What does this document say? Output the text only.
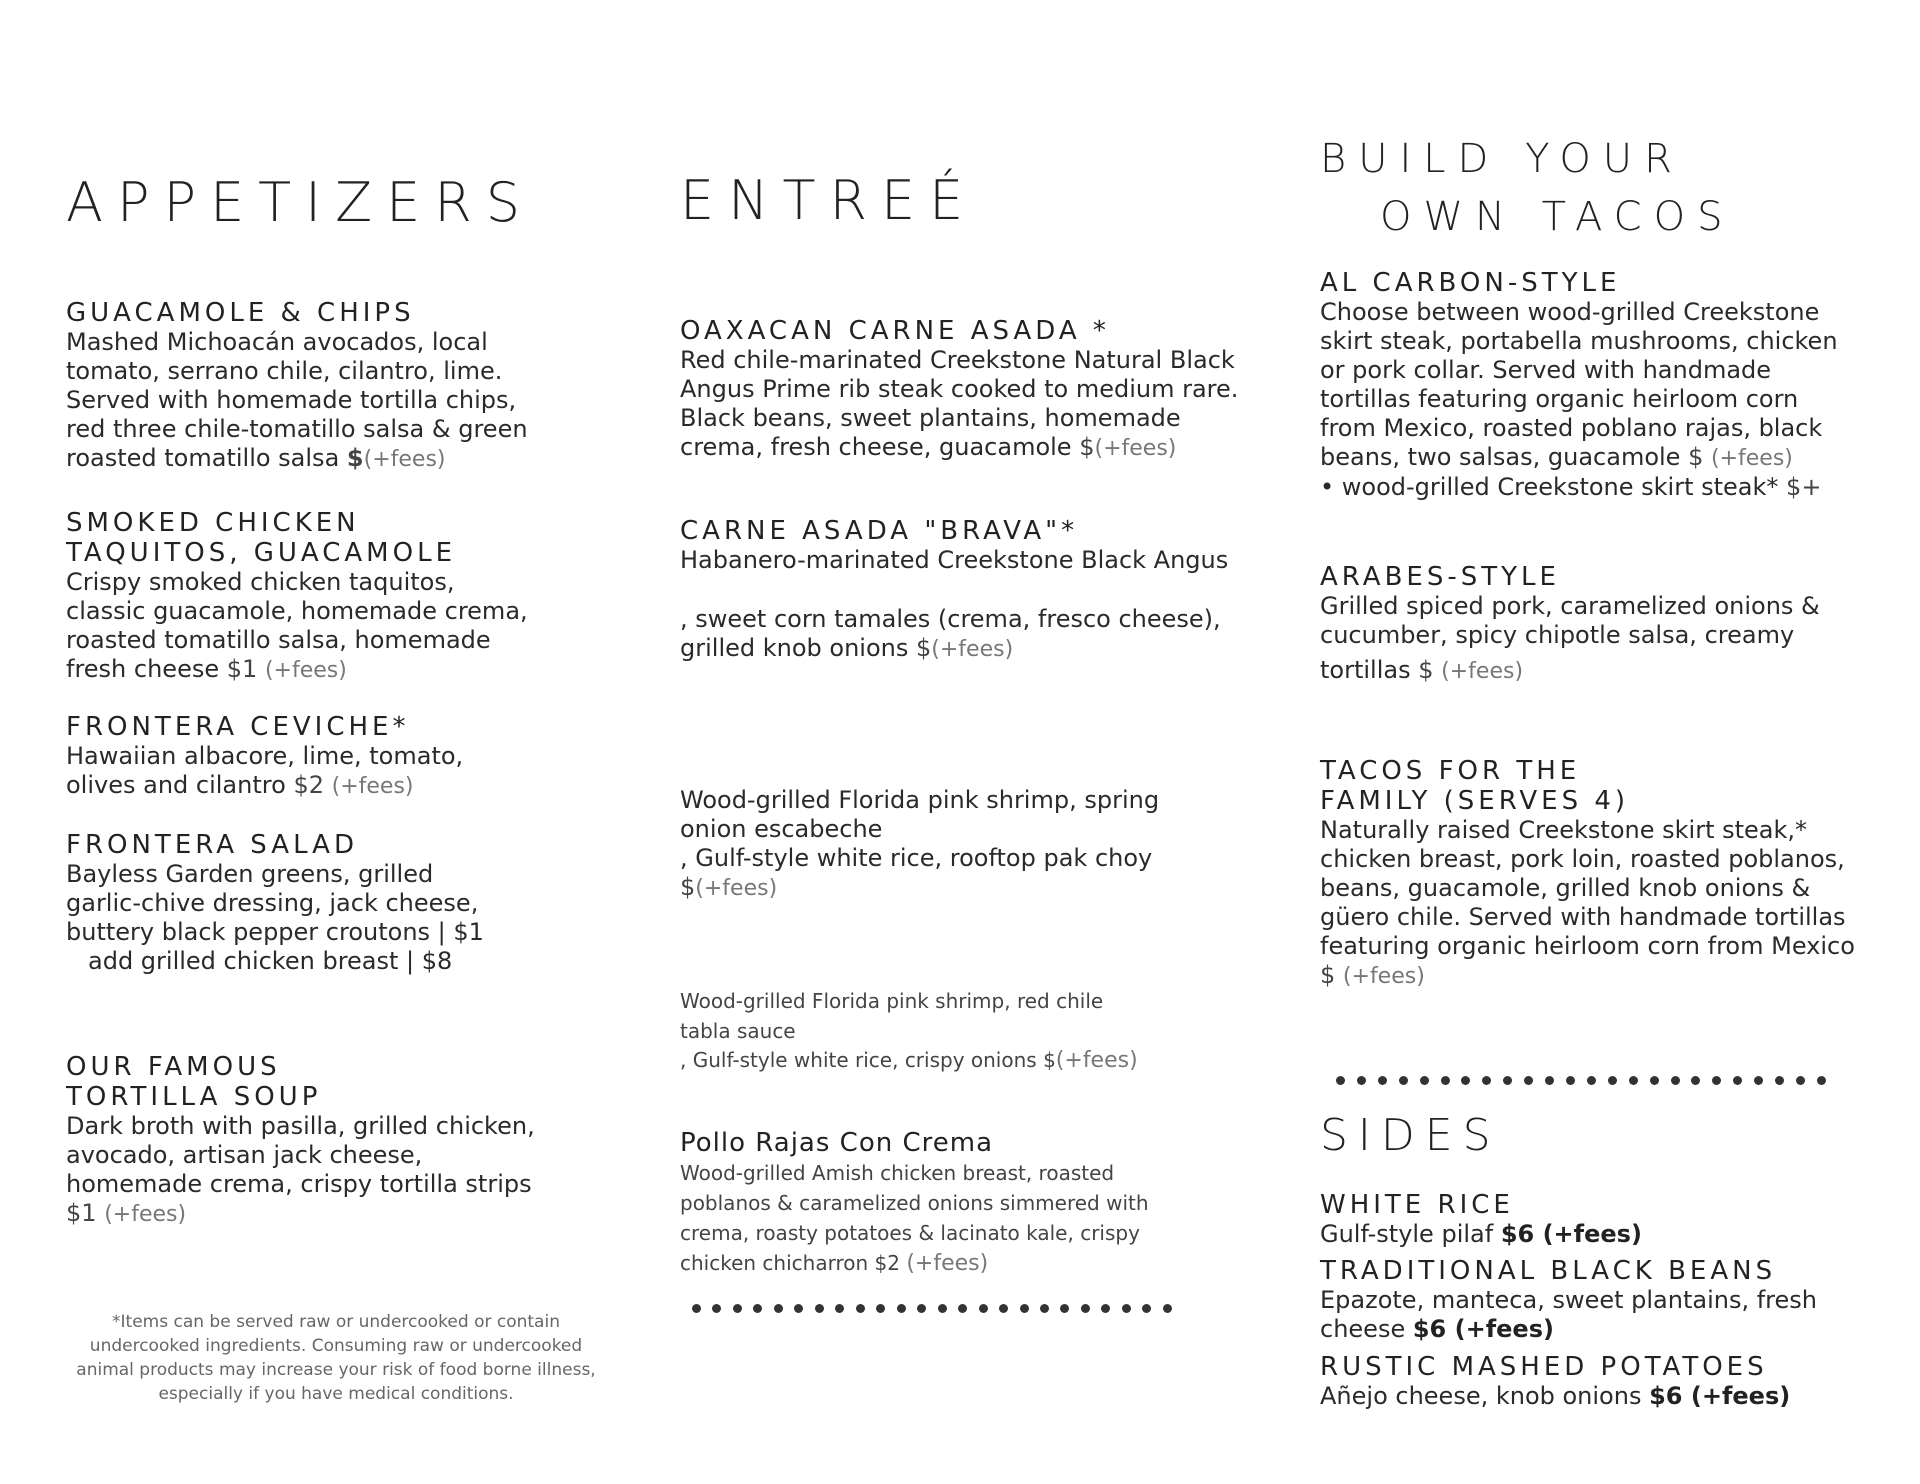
APPETIZERS

GUACAMOLE & CHIPS

Mashed Michoacán avocados, local tomato, serrano chile, cilantro, lime. Served with homemade tortilla chips, red three chile-tomatillo salsa & green roasted tomatillo salsa $(+fees)

SMOKED CHICKEN TAQUITOS, GUACAMOLE

Crispy smoked chicken taquitos, classic guacamole, homemade crema, roasted tomatillo salsa, homemade fresh cheese $1 (+fees)

FRONTERA CEVICHE*

Hawaiian albacore, lime, tomato, olives and cilantro $2 (+fees)

FRONTERA SALAD

Bayless Garden greens, grilled garlic-chive dressing, jack cheese, buttery black pepper croutons | $1

add grilled chicken breast | $8

OUR FAMOUS TORTILLA SOUP

Dark broth with pasilla, grilled chicken, avocado, artisan jack cheese, homemade crema, crispy tortilla strips $1 (+fees)

*Items can be served raw or undercooked or contain undercooked ingredients. Consuming raw or undercooked animal products may increase your risk of food borne illness, especially if you have medical conditions.
ENTREÉ

OAXACAN CARNE ASADA *

Red chile-marinated Creekstone Natural Black Angus Prime rib steak cooked to medium rare. Black beans, sweet plantains, homemade crema, fresh cheese, guacamole $(+fees)

CARNE ASADA "BRAVA"*

Habanero-marinated Creekstone Black Angus

, sweet corn tamales (crema, fresco cheese), grilled knob onions $(+fees)

Wood-grilled Florida pink shrimp, spring onion escabeche

, Gulf-style white rice, rooftop pak choy $(+fees)

Wood-grilled Florida pink shrimp, red chile tabla sauce

, Gulf-style white rice, crispy onions $(+fees)

Pollo Rajas Con Crema

Wood-grilled Amish chicken breast, roasted poblanos & caramelized onions simmered with crema, roasty potatoes & lacinato kale, crispy chicken chicharron $2 (+fees)

BUILD YOUR
OWN TACOS

AL CARBON-STYLE

Choose between wood-grilled Creekstone skirt steak, portabella mushrooms, chicken or pork collar. Served with handmade tortillas featuring organic heirloom corn from Mexico, roasted poblano rajas, black beans, two salsas, guacamole $ (+fees)

• wood-grilled Creekstone skirt steak* $+

ARABES-STYLE

Grilled spiced pork, caramelized onions & cucumber, spicy chipotle salsa, creamy

tortillas $ (+fees)

TACOS FOR THE FAMILY (SERVES 4)

Naturally raised Creekstone skirt steak,* chicken breast, pork loin, roasted poblanos, beans, guacamole, grilled knob onions & güero chile. Served with handmade tortillas featuring organic heirloom corn from Mexico $ (+fees)

SIDES

WHITE RICE

Gulf-style pilaf $6 (+fees)

TRADITIONAL BLACK BEANS

Epazote, manteca, sweet plantains, fresh cheese $6 (+fees)

RUSTIC MASHED POTATOES

Añejo cheese, knob onions $6 (+fees)
